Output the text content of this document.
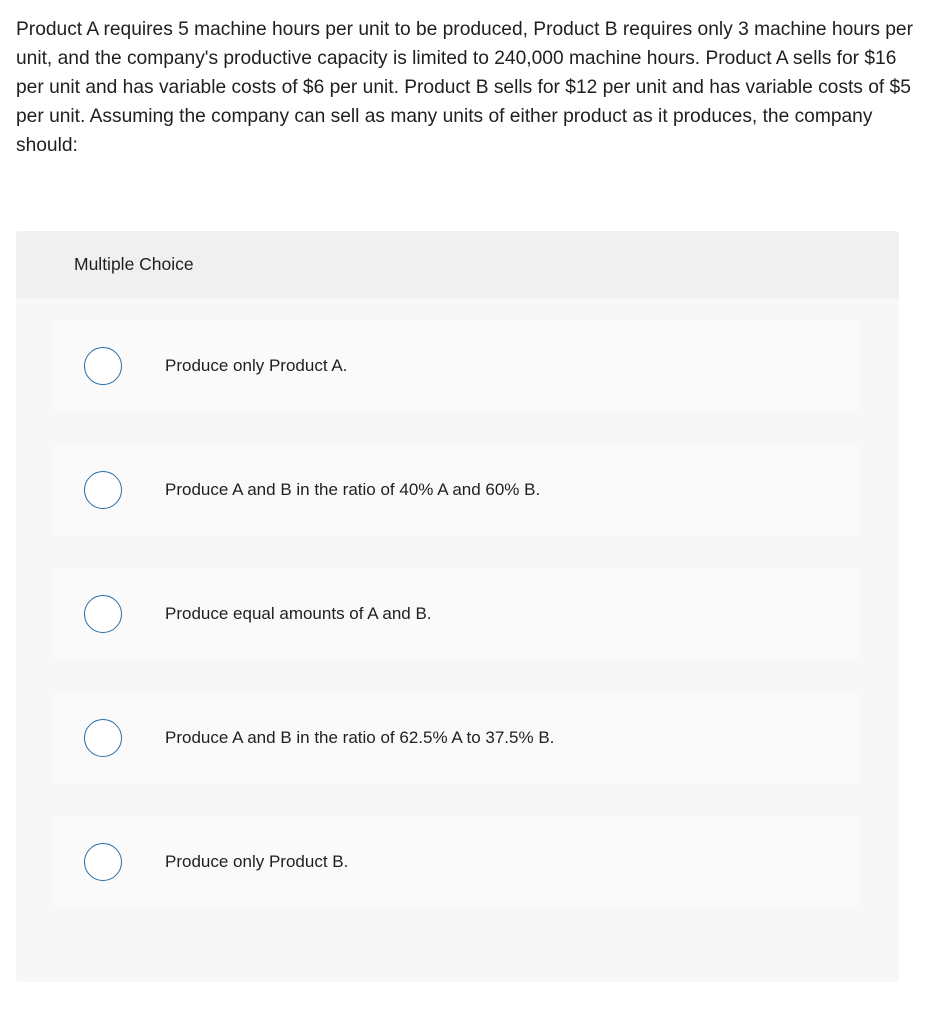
Product A requires 5 machine hours per unit to be produced, Product B requires only 3 machine hours per unit, and the company's productive capacity is limited to 240,000 machine hours. Product A sells for $16 per unit and has variable costs of $6 per unit. Product B sells for $12 per unit and has variable costs of $5 per unit. Assuming the company can sell as many units of either product as it produces, the company should:

Multiple Choice
Produce only Product A.
Produce A and B in the ratio of 40% A and 60% B.
Produce equal amounts of A and B.
Produce A and B in the ratio of 62.5% A to 37.5% B.
Produce only Product B.
